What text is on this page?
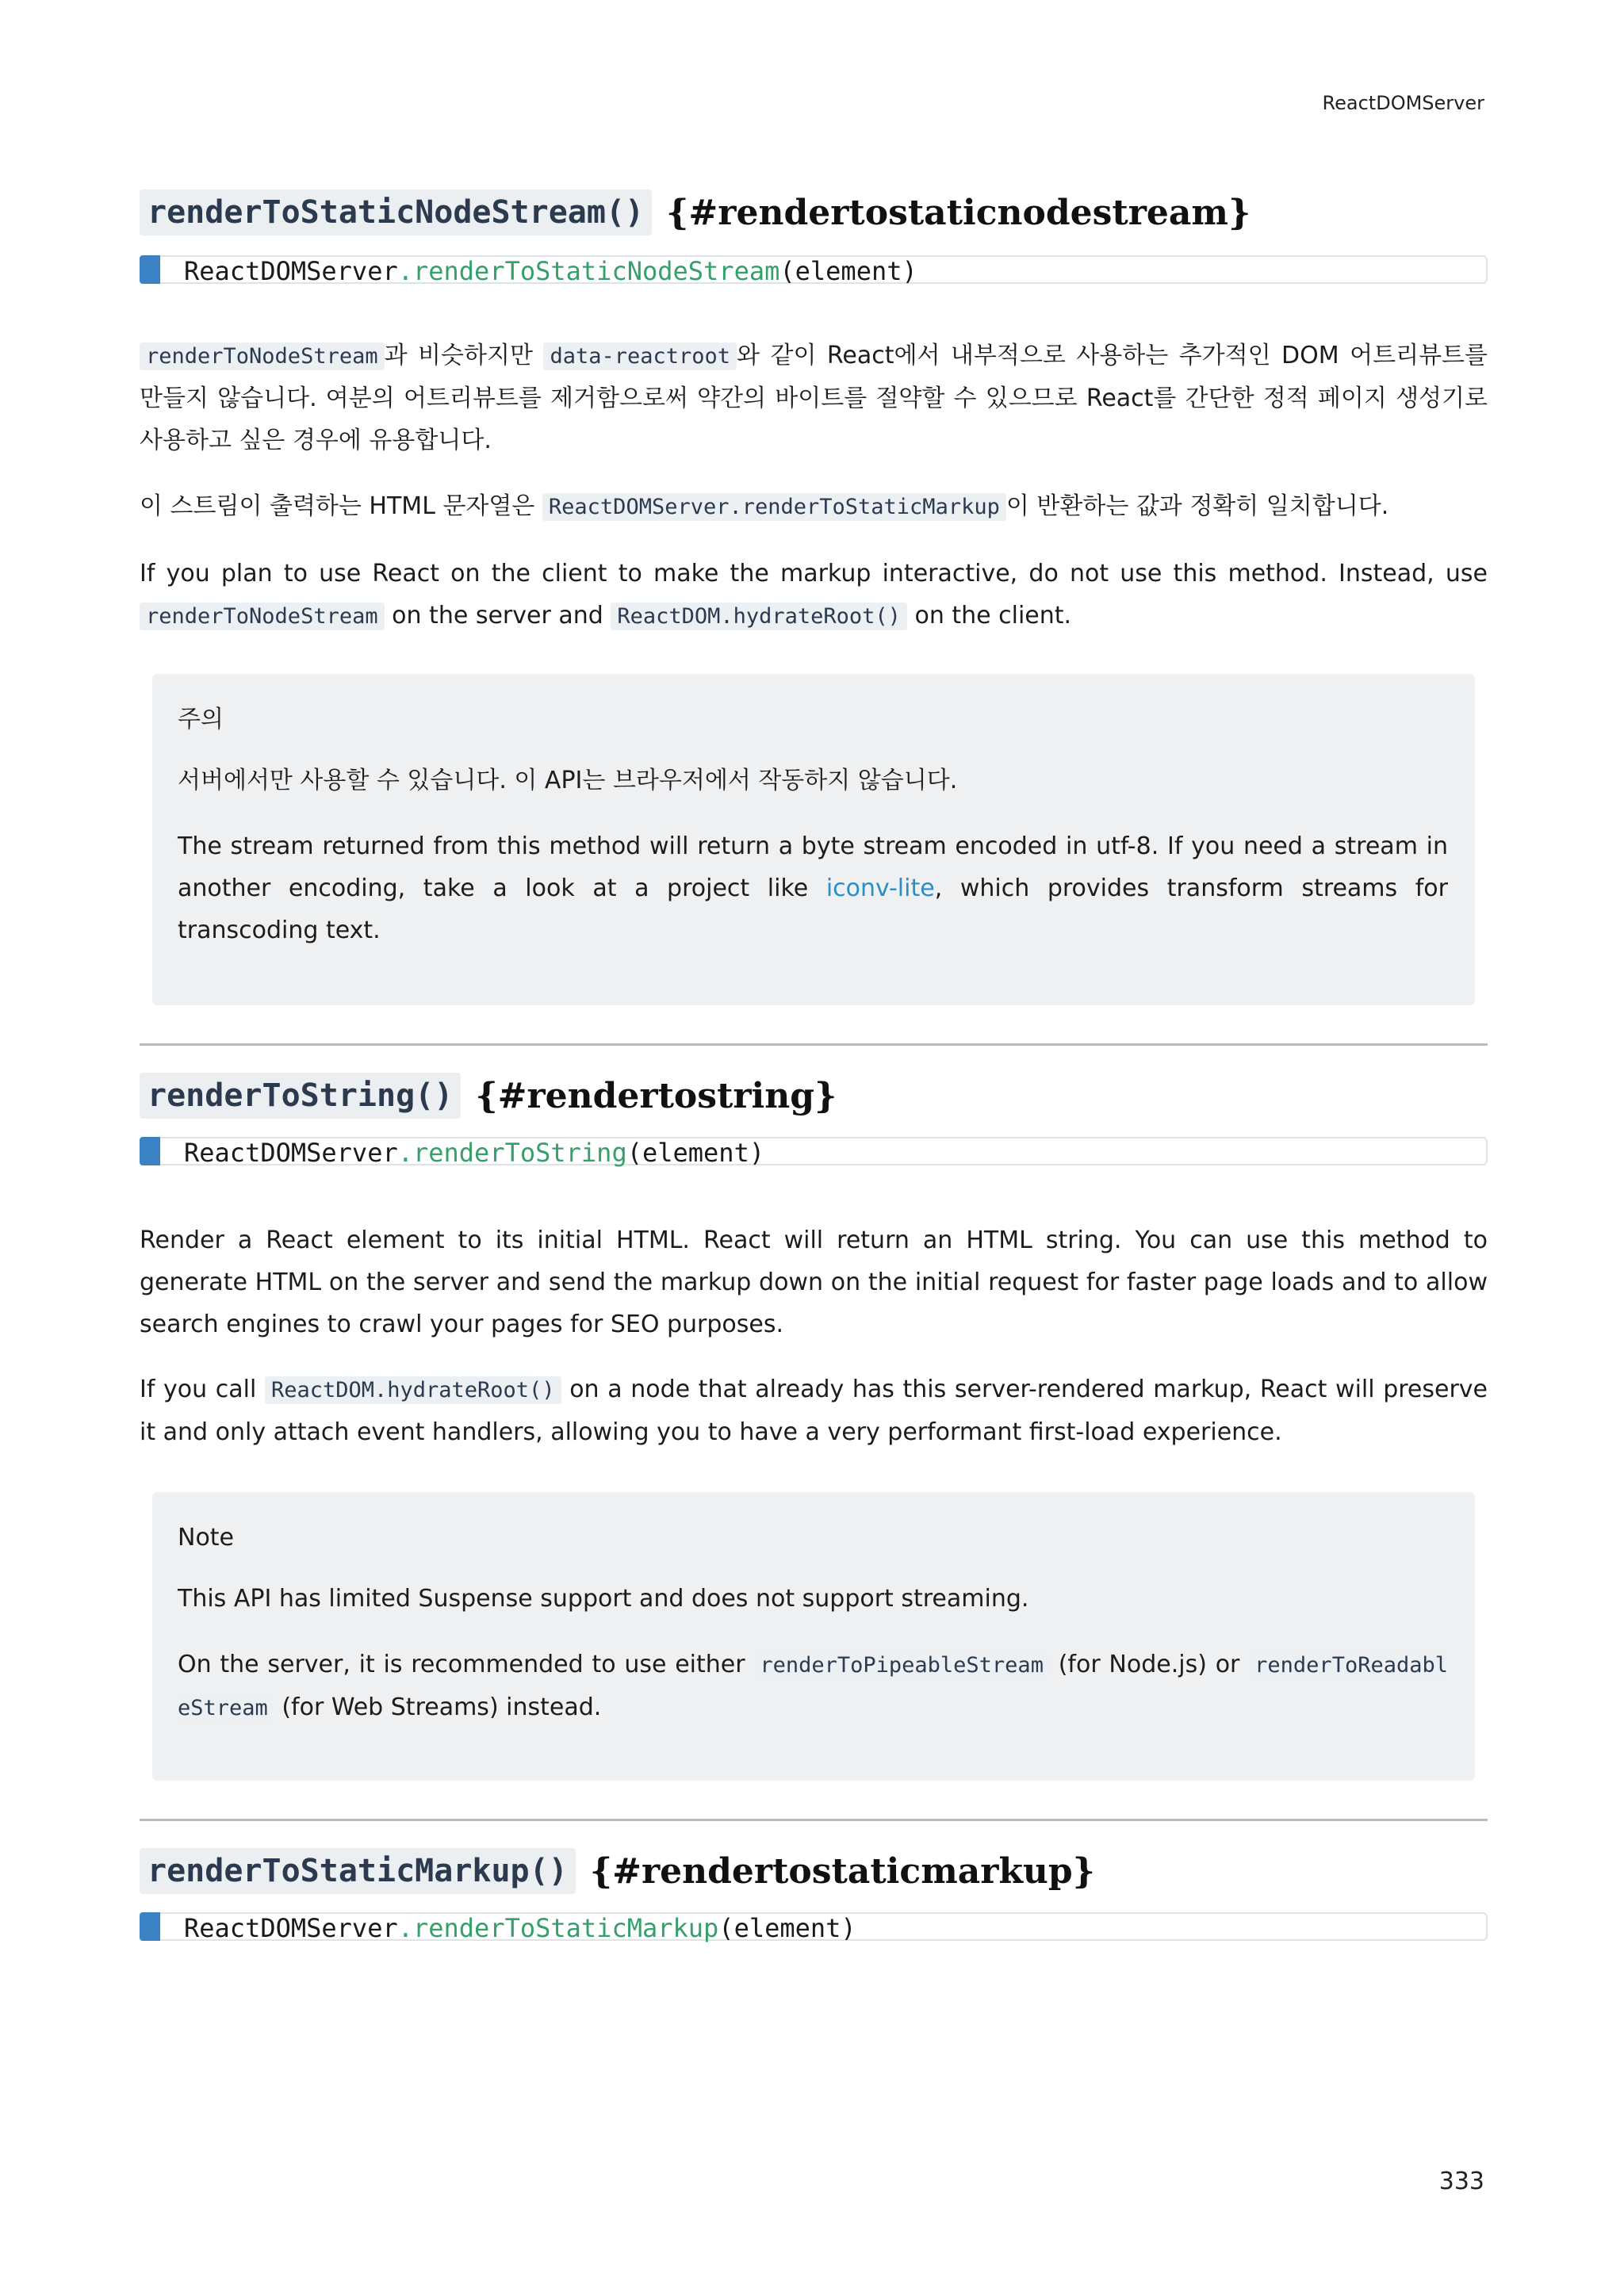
ReactDOMServer
renderToStaticNodeStream() {#rendertostaticnodestream}
ReactDOMServer.renderToStaticNodeStream(element)

renderToNodeStream 과 비슷하지만 data-reactroot 와 같이 React에서 내부적으로 사용하는 추가적인 DOM 어트리뷰트를 만들지 않습니다. 여분의 어트리뷰트를 제거함으로써 약간의 바이트를 절약할 수 있으므로 React를 간단한 정적 페이지 생성기로 사용하고 싶은 경우에 유용합니다.

이 스트림이 출력하는 HTML 문자열은 ReactDOMServer.renderToStaticMarkup 이 반환하는 값과 정확히 일치합니다.

If you plan to use React on the client to make the markup interactive, do not use this method. Instead, use renderToNodeStream on the server and ReactDOM.hydrateRoot() on the client.

주의

서버에서만 사용할 수 있습니다. 이 API는 브라우저에서 작동하지 않습니다.

The stream returned from this method will return a byte stream encoded in utf-8. If you need a stream in another encoding, take a look at a project like iconv-lite, which provides transform streams for transcoding text.

renderToString() {#rendertostring}
ReactDOMServer.renderToString(element)

Render a React element to its initial HTML. React will return an HTML string. You can use this method to generate HTML on the server and send the markup down on the initial request for faster page loads and to allow search engines to crawl your pages for SEO purposes.

If you call ReactDOM.hydrateRoot() on a node that already has this server-rendered markup, React will preserve it and only attach event handlers, allowing you to have a very performant first-load experience.

Note

This API has limited Suspense support and does not support streaming.

On the server, it is recommended to use either renderToPipeableStream (for Node.js) or renderToReadableStream (for Web Streams) instead.

renderToStaticMarkup() {#rendertostaticmarkup}
ReactDOMServer.renderToStaticMarkup(element)
333
